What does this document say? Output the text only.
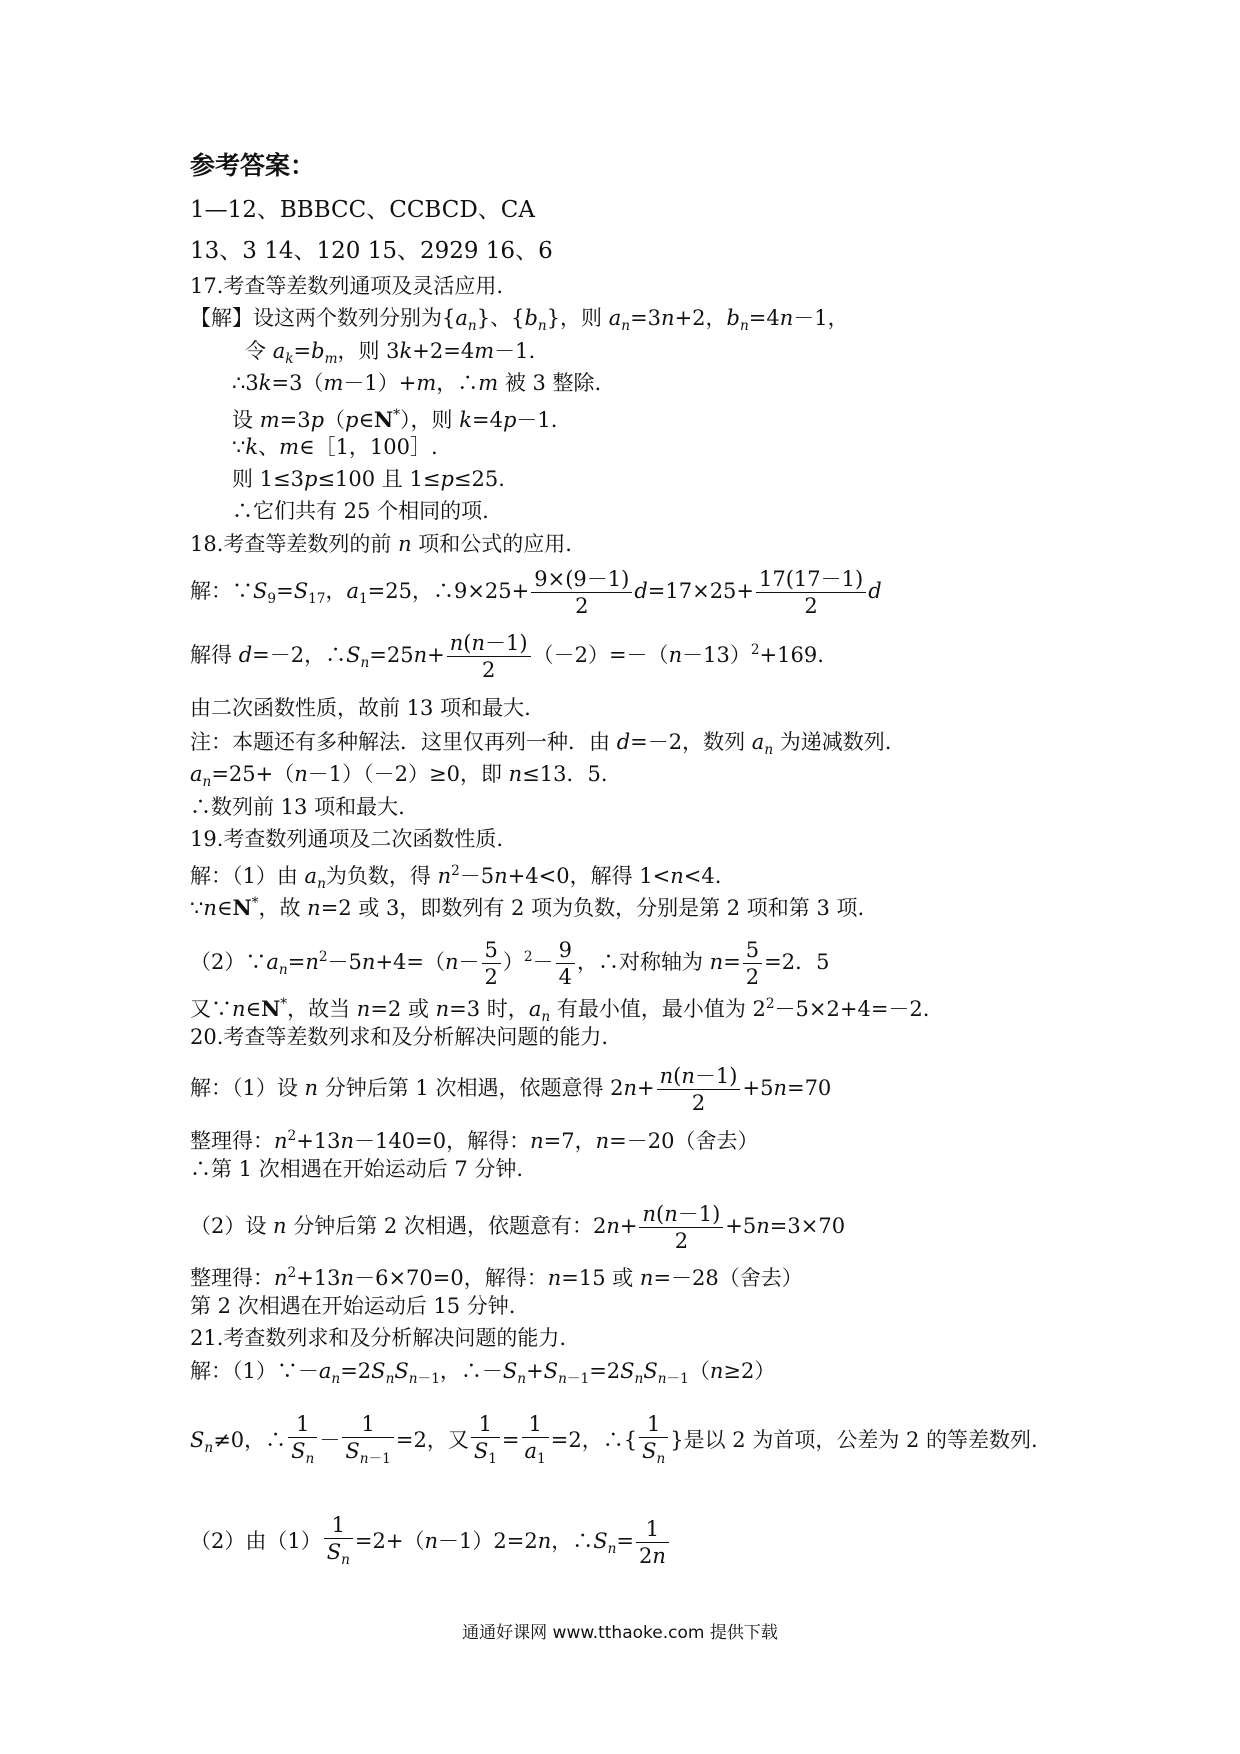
参考答案：
1—12、BBBCC、CCBCD、CA
13、3 14、120 15、2929 16、6
17.考查等差数列通项及灵活应用.
【解】设这两个数列分别为$\{a_n\}$、$\{b_n\}$，则 $a_n=3n+2$，$b_n=4n-1$，
令 $a_k=b_m$，则 3k+2=4m－1.
∴3k=3（m－1）+m，∴m 被 3 整除.
设 m=3p（p∈N*），则 k=4p－1.
∵k、m∈［1，100］.
则 1≤3p≤100 且 1≤p≤25.
∴它们共有 25 个相同的项.
18.考查等差数列的前 n 项和公式的应用.
解：$\because S_9=S_{17}$，$a_1=25$，∴9×25+ $\frac{9\times(9-1)}{2} d=17\times 25+ \frac{17(17-1)}{2}$ d
解得 d=－2，$\therefore S_n=25n+ \frac{n(n-1)}{2} (-2)=-(n-13)^2+169$.
由二次函数性质，故前 13 项和最大.
注：本题还有多种解法．这里仅再列一种．由 d=－2，数列 $a_n$ 为递减数列.
$a_n=25+(n-1)(-2)\ge 0$，即 n≤13．5.
∴数列前 13 项和最大.
19.考查数列通项及二次函数性质.
解：（1）由 $a_n$为负数，得 $n^2-5n+4<0$，解得 1<n<4.
∵n∈N*，故 n=2 或 3，即数列有 2 项为负数，分别是第 2 项和第 3 项.
$(2)\because a_n=n^2-5n+4=(n- \frac{5}{2} )^2- \frac{9}{4}$ ，∴对称轴为 $n= \frac{5}{2} =2$．5
又∵n∈N*，故当 n=2 或 n=3 时，$a_n$ 有最小值，最小值为 $2^2-5\times 2+4=-2$.
20.考查等差数列求和及分析解决问题的能力.
解：（1）设 n 分钟后第 1 次相遇，依题意得 $2n+ \frac{n(n-1)}{2} +5n=70$
整理得：$n^2+13n-140=0$，解得：n=7，n=－20（舍去）
∴第 1 次相遇在开始运动后 7 分钟.
（2）设 n 分钟后第 2 次相遇，依题意有：$2n+ \frac{n(n-1)}{2} +5n=3\times 70$
整理得：$n^2+13n-6\times 70=0$，解得：n=15 或 n=－28（舍去）
第 2 次相遇在开始运动后 15 分钟.
21.考查数列求和及分析解决问题的能力.
解：$(1)\because-a_n=2S_nS_{n-1}$，$\therefore-S_n+S_{n-1}=2S_nS_{n-1}(n\ge 2)$
$S_n\ne 0$，∴ $\frac{1}{S_n} - \frac{1}{S_{n-1}} =2$，又 $\frac{1}{S_1} = \frac{1}{a_1} =2$，∴{ $\frac{1}{S_n}$ }是以 2 为首项，公差为 2 的等差数列.
（2）由$(1) \frac{1}{S_n} =2+(n-1)2=2n$，$\therefore S_n= \frac{1}{2n}$
通通好课网 www.tthaoke.com 提供下载
